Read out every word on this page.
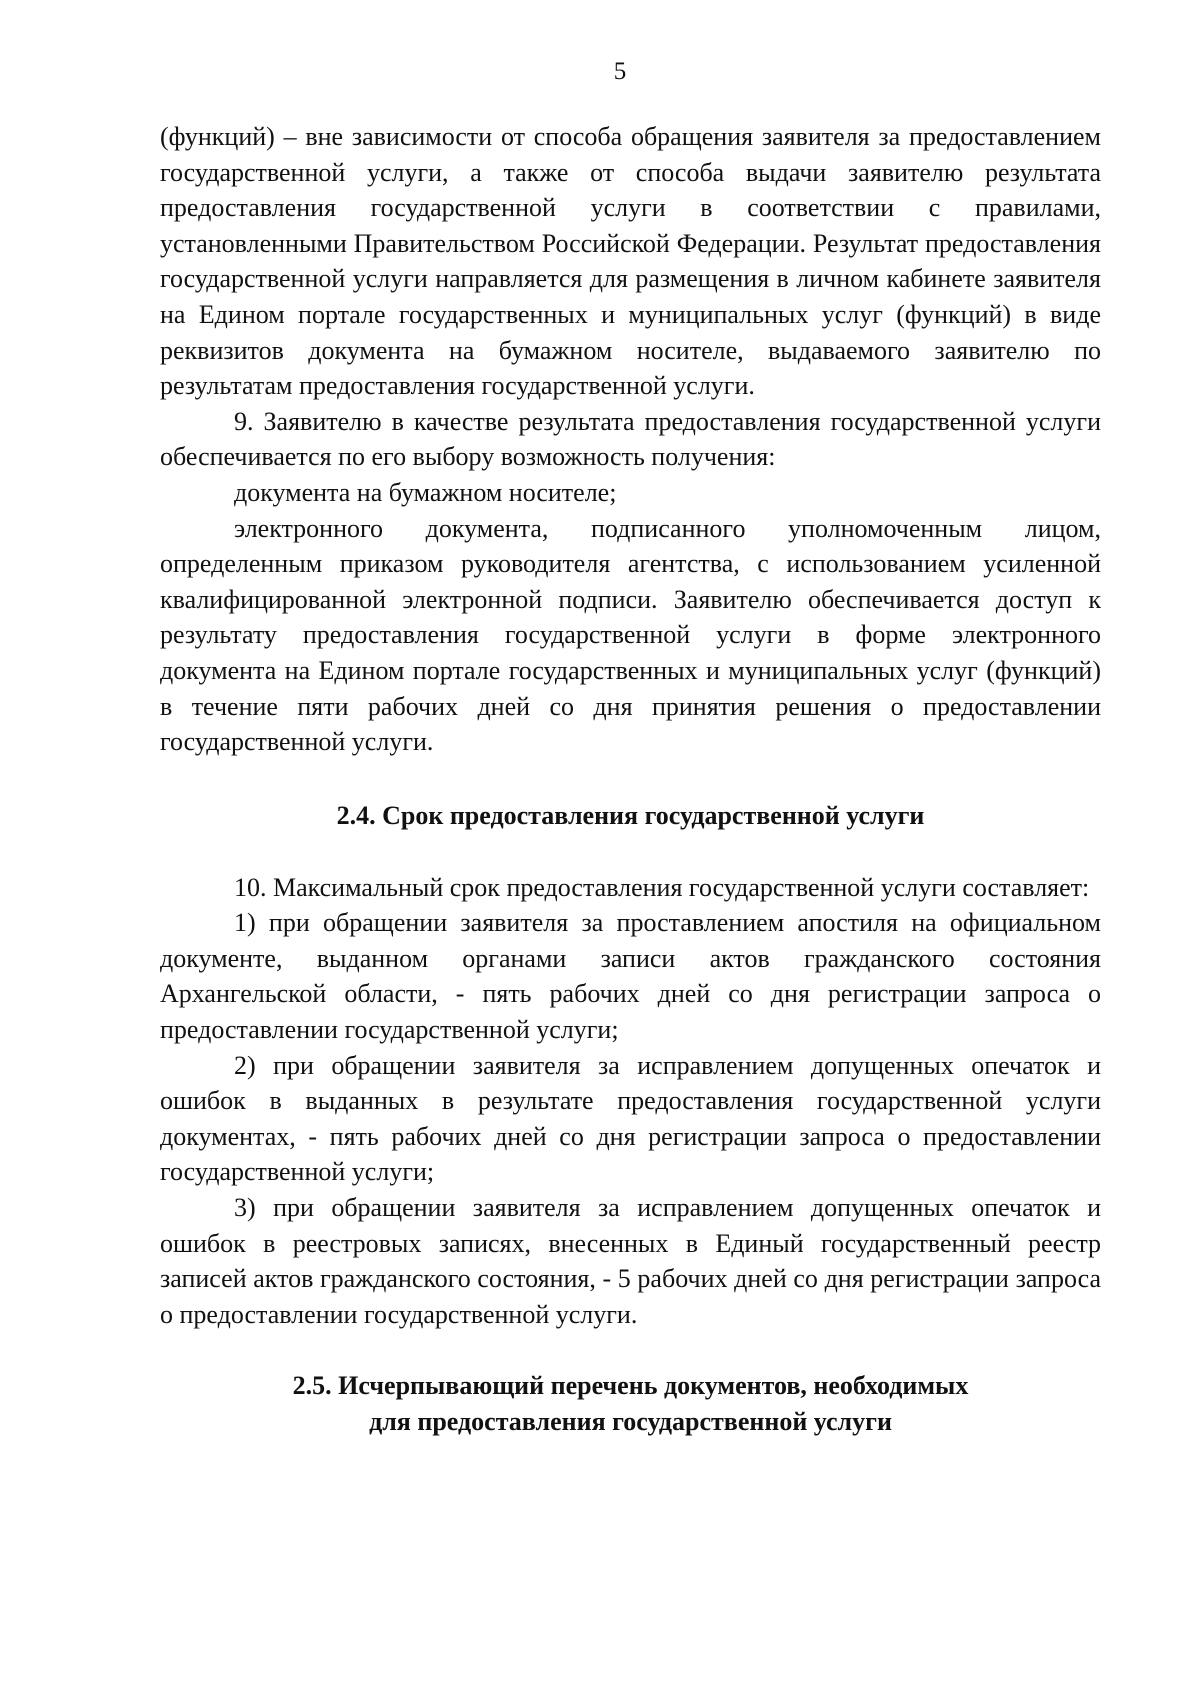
5

(функций) – вне зависимости от способа обращения заявителя за предоставлением государственной услуги, а также от способа выдачи заявителю результата предоставления государственной услуги в соответствии с правилами, установленными Правительством Российской Федерации. Результат предоставления государственной услуги направляется для размещения в личном кабинете заявителя на Едином портале государственных и муниципальных услуг (функций) в виде реквизитов документа на бумажном носителе, выдаваемого заявителю по результатам предоставления государственной услуги.

9. Заявителю в качестве результата предоставления государственной услуги обеспечивается по его выбору возможность получения:

документа на бумажном носителе;

электронного документа, подписанного уполномоченным лицом, определенным приказом руководителя агентства, с использованием усиленной квалифицированной электронной подписи. Заявителю обеспечивается доступ к результату предоставления государственной услуги в форме электронного документа на Едином портале государственных и муниципальных услуг (функций) в течение пяти рабочих дней со дня принятия решения о предоставлении государственной услуги.

2.4. Срок предоставления государственной услуги

10. Максимальный срок предоставления государственной услуги составляет:

1) при обращении заявителя за проставлением апостиля на официальном документе, выданном органами записи актов гражданского состояния Архангельской области, - пять рабочих дней со дня регистрации запроса о предоставлении государственной услуги;

2) при обращении заявителя за исправлением допущенных опечаток и ошибок в выданных в результате предоставления государственной услуги документах, - пять рабочих дней со дня регистрации запроса о предоставлении государственной услуги;

3) при обращении заявителя за исправлением допущенных опечаток и ошибок в реестровых записях, внесенных в Единый государственный реестр записей актов гражданского состояния, - 5 рабочих дней со дня регистрации запроса о предоставлении государственной услуги.

2.5. Исчерпывающий перечень документов, необходимых
для предоставления государственной услуги
